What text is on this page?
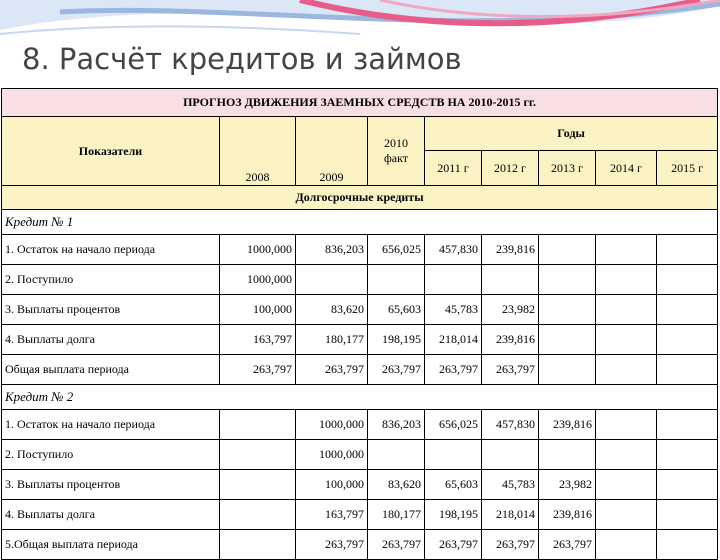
8. Расчёт кредитов и займов
ПРОГНОЗ ДВИЖЕНИЯ ЗАЕМНЫХ СРЕДСТВ НА 2010-2015 гг.								
Показатели	2008	2009	2010 факт	Годы				
				2011 г	2012 г	2013 г	2014 г	2015 г
Долгосрочные кредиты								
Кредит № 1								
1. Остаток на начало периода	1000,000	836,203	656,025	457,830	239,816			
2. Поступило	1000,000							
3. Выплаты процентов	100,000	83,620	65,603	45,783	23,982			
4. Выплаты долга	163,797	180,177	198,195	218,014	239,816			
Общая выплата периода	263,797	263,797	263,797	263,797	263,797			
Кредит № 2								
1. Остаток на начало периода		1000,000	836,203	656,025	457,830	239,816		
2. Поступило		1000,000						
3. Выплаты процентов		100,000	83,620	65,603	45,783	23,982		
4. Выплаты долга		163,797	180,177	198,195	218,014	239,816		
5.Общая выплата периода		263,797	263,797	263,797	263,797	263,797		
